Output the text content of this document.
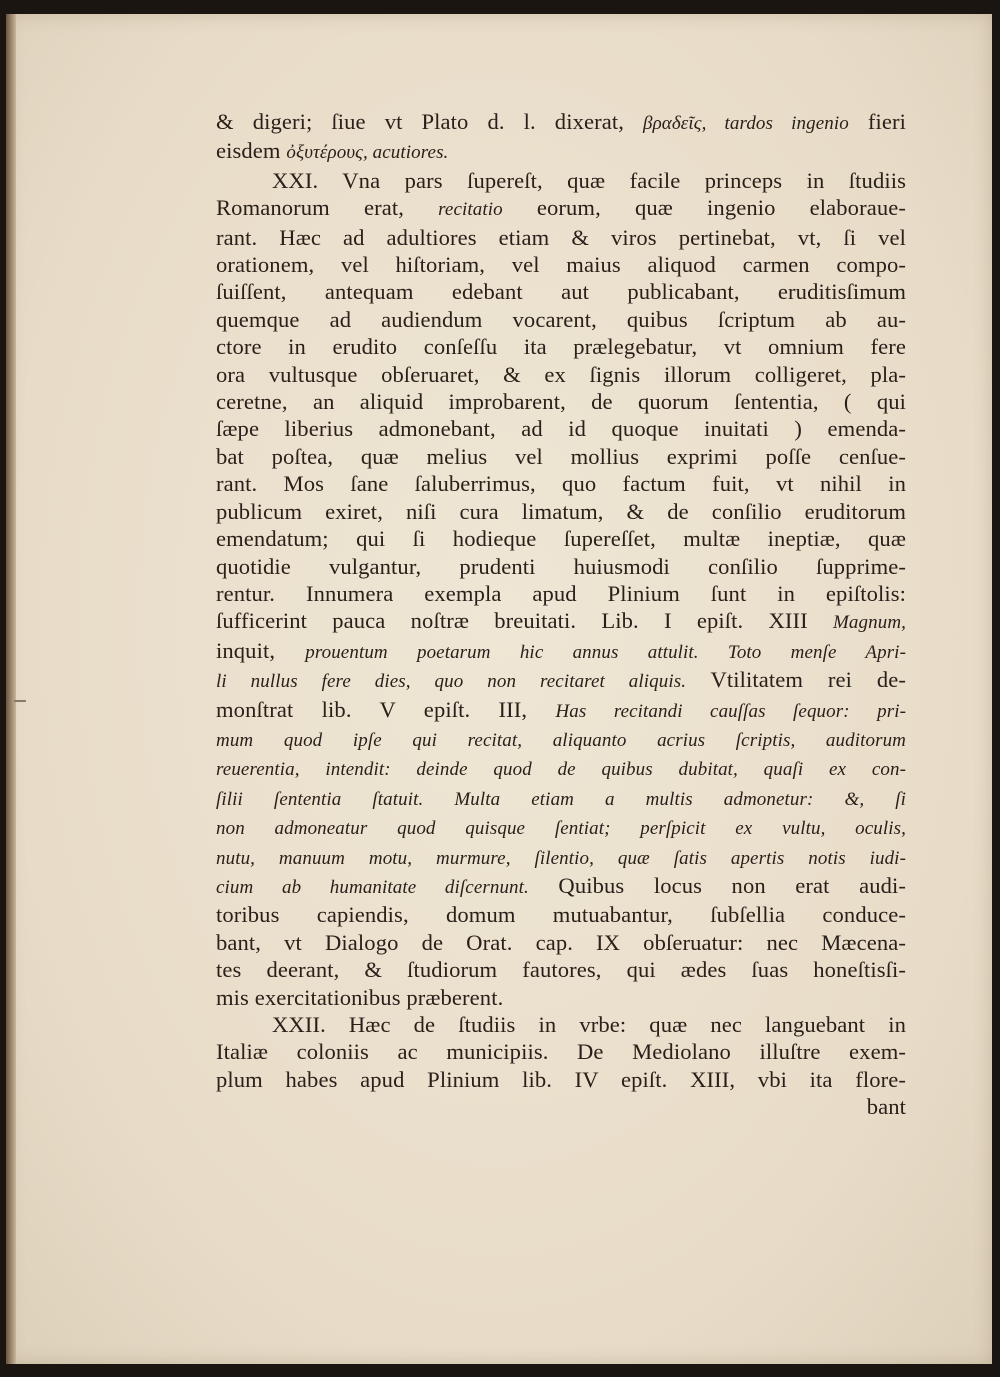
& digeri; ſiue vt Plato d. l. dixerat, βραδεῖς, tardos ingenio fieri
eisdem ὀξυτέρους, acutiores.
XXI. Vna pars ſupereſt, quæ facile princeps in ſtudiis
Romanorum erat, recitatio eorum, quæ ingenio elaboraue-
rant. Hæc ad adultiores etiam & viros pertinebat, vt, ſi vel
orationem, vel hiſtoriam, vel maius aliquod carmen compo-
ſuiſſent, antequam edebant aut publicabant, eruditisſimum
quemque ad audiendum vocarent, quibus ſcriptum ab au-
ctore in erudito conſeſſu ita prælegebatur, vt omnium fere
ora vultusque obſeruaret, & ex ſignis illorum colligeret, pla-
ceretne, an aliquid improbarent, de quorum ſententia, ( qui
ſæpe liberius admonebant, ad id quoque inuitati ) emenda-
bat poſtea, quæ melius vel mollius exprimi poſſe cenſue-
rant. Mos ſane ſaluberrimus, quo factum fuit, vt nihil in
publicum exiret, niſi cura limatum, & de conſilio eruditorum
emendatum; qui ſi hodieque ſupereſſet, multæ ineptiæ, quæ
quotidie vulgantur, prudenti huiusmodi conſilio ſupprime-
rentur. Innumera exempla apud Plinium ſunt in epiſtolis:
ſufficerint pauca noſtræ breuitati. Lib. I epiſt. XIII Magnum,
inquit, prouentum poetarum hic annus attulit. Toto menſe Apri-
li nullus fere dies, quo non recitaret aliquis. Vtilitatem rei de-
monſtrat lib. V epiſt. III, Has recitandi cauſſas ſequor: pri-
mum quod ipſe qui recitat, aliquanto acrius ſcriptis, auditorum
reuerentia, intendit: deinde quod de quibus dubitat, quaſi ex con-
ſilii ſententia ſtatuit. Multa etiam a multis admonetur: &, ſi
non admoneatur quod quisque ſentiat; perſpicit ex vultu, oculis,
nutu, manuum motu, murmure, ſilentio, quæ ſatis apertis notis iudi-
cium ab humanitate diſcernunt. Quibus locus non erat audi-
toribus capiendis, domum mutuabantur, ſubſellia conduce-
bant, vt Dialogo de Orat. cap. IX obſeruatur: nec Mæcena-
tes deerant, & ſtudiorum fautores, qui ædes ſuas honeſtisſi-
mis exercitationibus præberent.
XXII. Hæc de ſtudiis in vrbe: quæ nec languebant in
Italiæ coloniis ac municipiis. De Mediolano illuſtre exem-
plum habes apud Plinium lib. IV epiſt. XIII, vbi ita flore-
bant
